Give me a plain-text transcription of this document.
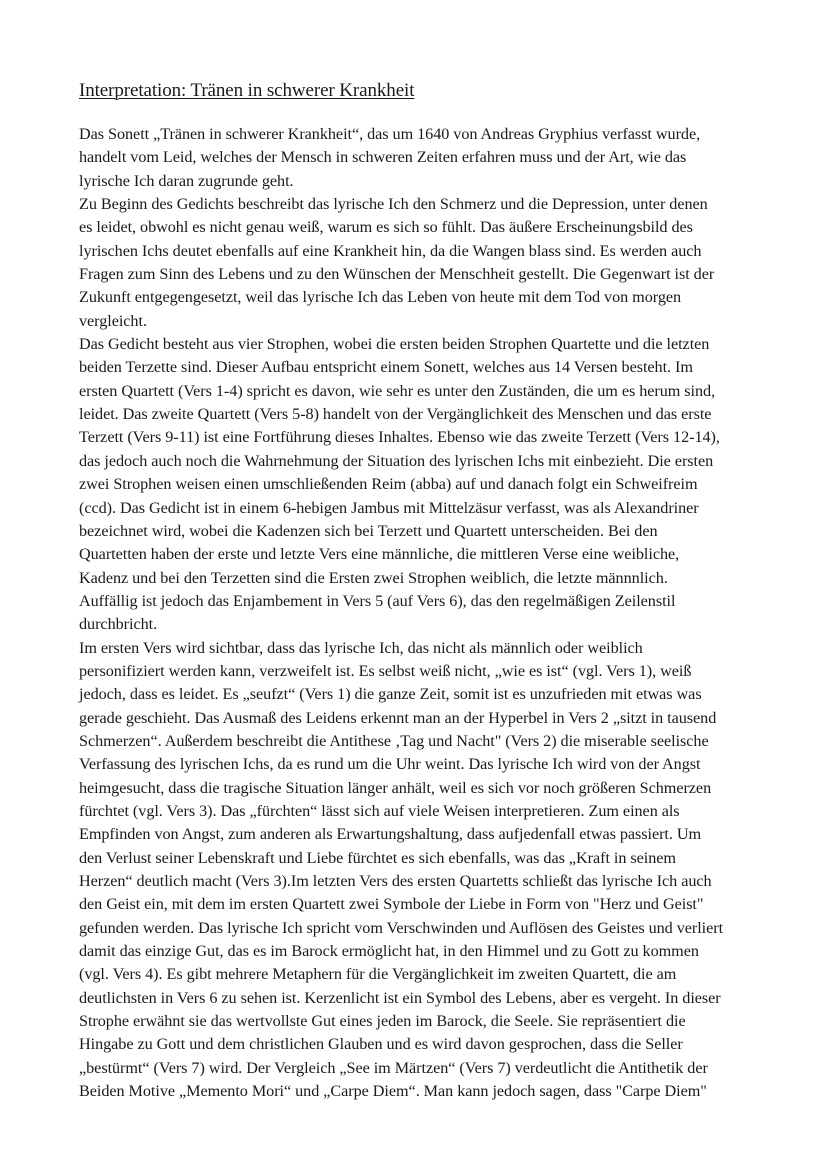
Interpretation: Tränen in schwerer Krankheit
Das Sonett „Tränen in schwerer Krankheit“, das um 1640 von Andreas Gryphius verfasst wurde,
handelt vom Leid, welches der Mensch in schweren Zeiten erfahren muss und der Art, wie das
lyrische Ich daran zugrunde geht.
Zu Beginn des Gedichts beschreibt das lyrische Ich den Schmerz und die Depression, unter denen
es leidet, obwohl es nicht genau weiß, warum es sich so fühlt. Das äußere Erscheinungsbild des
lyrischen Ichs deutet ebenfalls auf eine Krankheit hin, da die Wangen blass sind. Es werden auch
Fragen zum Sinn des Lebens und zu den Wünschen der Menschheit gestellt. Die Gegenwart ist der
Zukunft entgegengesetzt, weil das lyrische Ich das Leben von heute mit dem Tod von morgen
vergleicht.
Das Gedicht besteht aus vier Strophen, wobei die ersten beiden Strophen Quartette und die letzten
beiden Terzette sind. Dieser Aufbau entspricht einem Sonett, welches aus 14 Versen besteht. Im
ersten Quartett (Vers 1-4) spricht es davon, wie sehr es unter den Zuständen, die um es herum sind,
leidet. Das zweite Quartett (Vers 5-8) handelt von der Vergänglichkeit des Menschen und das erste
Terzett (Vers 9-11) ist eine Fortführung dieses Inhaltes. Ebenso wie das zweite Terzett (Vers 12-14),
das jedoch auch noch die Wahrnehmung der Situation des lyrischen Ichs mit einbezieht. Die ersten
zwei Strophen weisen einen umschließenden Reim (abba) auf und danach folgt ein Schweifreim
(ccd). Das Gedicht ist in einem 6-hebigen Jambus mit Mittelzäsur verfasst, was als Alexandriner
bezeichnet wird, wobei die Kadenzen sich bei Terzett und Quartett unterscheiden. Bei den
Quartetten haben der erste und letzte Vers eine männliche, die mittleren Verse eine weibliche,
Kadenz und bei den Terzetten sind die Ersten zwei Strophen weiblich, die letzte männnlich.
Auffällig ist jedoch das Enjambement in Vers 5 (auf Vers 6), das den regelmäßigen Zeilenstil
durchbricht.
Im ersten Vers wird sichtbar, dass das lyrische Ich, das nicht als männlich oder weiblich
personifiziert werden kann, verzweifelt ist. Es selbst weiß nicht, „wie es ist“ (vgl. Vers 1), weiß
jedoch, dass es leidet. Es „seufzt“ (Vers 1) die ganze Zeit, somit ist es unzufrieden mit etwas was
gerade geschieht. Das Ausmaß des Leidens erkennt man an der Hyperbel in Vers 2 „sitzt in tausend
Schmerzen“. Außerdem beschreibt die Antithese ‚Tag und Nacht" (Vers 2) die miserable seelische
Verfassung des lyrischen Ichs, da es rund um die Uhr weint. Das lyrische Ich wird von der Angst
heimgesucht, dass die tragische Situation länger anhält, weil es sich vor noch größeren Schmerzen
fürchtet (vgl. Vers 3). Das „fürchten“ lässt sich auf viele Weisen interpretieren. Zum einen als
Empfinden von Angst, zum anderen als Erwartungshaltung, dass aufjedenfall etwas passiert. Um
den Verlust seiner Lebenskraft und Liebe fürchtet es sich ebenfalls, was das „Kraft in seinem
Herzen“ deutlich macht (Vers 3).Im letzten Vers des ersten Quartetts schließt das lyrische Ich auch
den Geist ein, mit dem im ersten Quartett zwei Symbole der Liebe in Form von "Herz und Geist"
gefunden werden. Das lyrische Ich spricht vom Verschwinden und Auflösen des Geistes und verliert
damit das einzige Gut, das es im Barock ermöglicht hat, in den Himmel und zu Gott zu kommen
(vgl. Vers 4). Es gibt mehrere Metaphern für die Vergänglichkeit im zweiten Quartett, die am
deutlichsten in Vers 6 zu sehen ist. Kerzenlicht ist ein Symbol des Lebens, aber es vergeht. In dieser
Strophe erwähnt sie das wertvollste Gut eines jeden im Barock, die Seele. Sie repräsentiert die
Hingabe zu Gott und dem christlichen Glauben und es wird davon gesprochen, dass die Seller
„bestürmt“ (Vers 7) wird. Der Vergleich „See im Märtzen“ (Vers 7) verdeutlicht die Antithetik der
Beiden Motive „Memento Mori“ und „Carpe Diem“. Man kann jedoch sagen, dass "Carpe Diem"
